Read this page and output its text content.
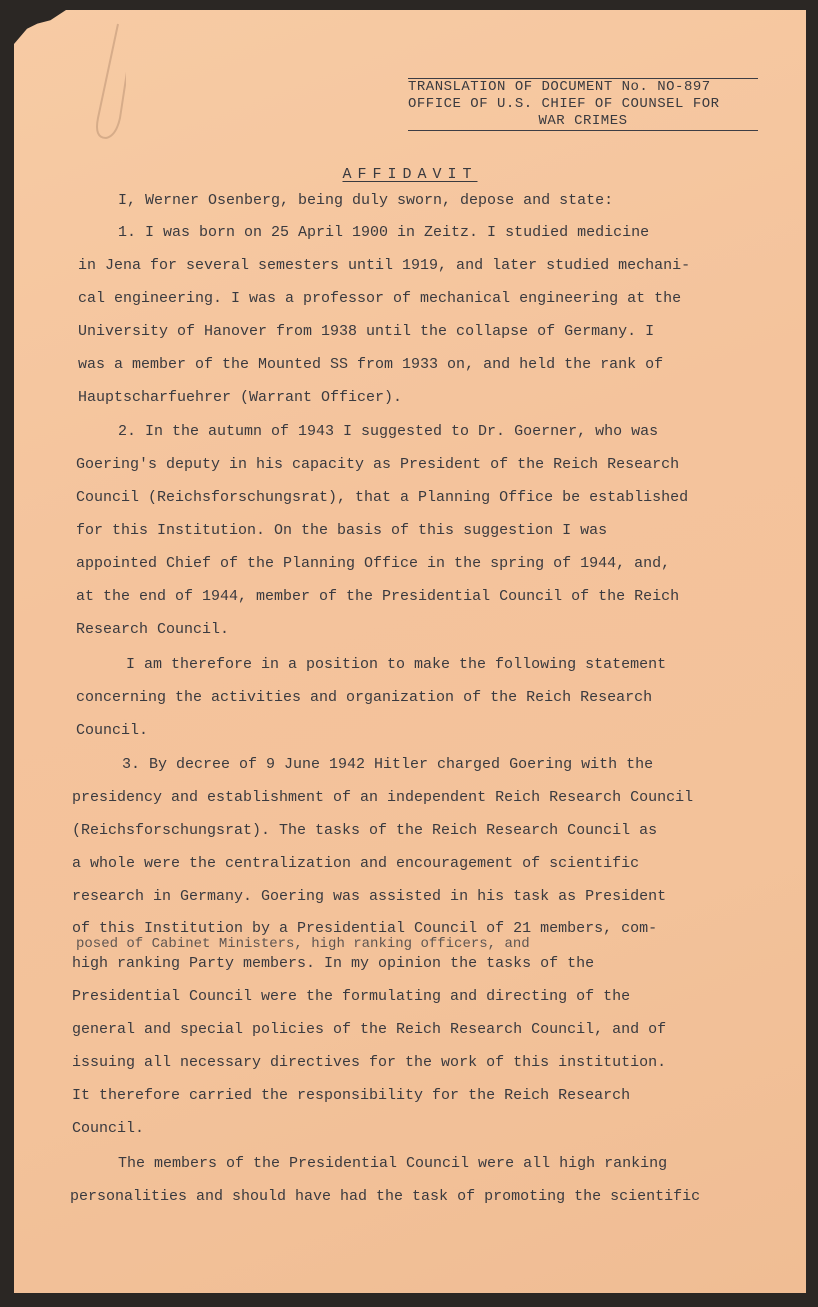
TRANSLATION OF DOCUMENT No. NO-897
OFFICE OF U.S. CHIEF OF COUNSEL FOR
WAR CRIMES
AFFIDAVIT
I, Werner Osenberg, being duly sworn, depose and state:
1. I was born on 25 April 1900 in Zeitz. I studied medicine
in Jena for several semesters until 1919, and later studied mechani-
cal engineering. I was a professor of mechanical engineering at the
University of Hanover from 1938 until the collapse of Germany. I
was a member of the Mounted SS from 1933 on, and held the rank of
Hauptscharfuehrer (Warrant Officer).
2. In the autumn of 1943 I suggested to Dr. Goerner, who was
Goering's deputy in his capacity as President of the Reich Research
Council (Reichsforschungsrat), that a Planning Office be established
for this Institution. On the basis of this suggestion I was
appointed Chief of the Planning Office in the spring of 1944, and,
at the end of 1944, member of the Presidential Council of the Reich
Research Council.
I am therefore in a position to make the following statement
concerning the activities and organization of the Reich Research
Council.
3. By decree of 9 June 1942 Hitler charged Goering with the
presidency and establishment of an independent Reich Research Council
(Reichsforschungsrat). The tasks of the Reich Research Council as
a whole were the centralization and encouragement of scientific
research in Germany. Goering was assisted in his task as President
of this Institution by a Presidential Council of 21 members, com-
posed of Cabinet Ministers, high ranking officers, and
high ranking Party members. In my opinion the tasks of the
Presidential Council were the formulating and directing of the
general and special policies of the Reich Research Council, and of
issuing all necessary directives for the work of this institution.
It therefore carried the responsibility for the Reich Research
Council.
The members of the Presidential Council were all high ranking
personalities and should have had the task of promoting the scientific
